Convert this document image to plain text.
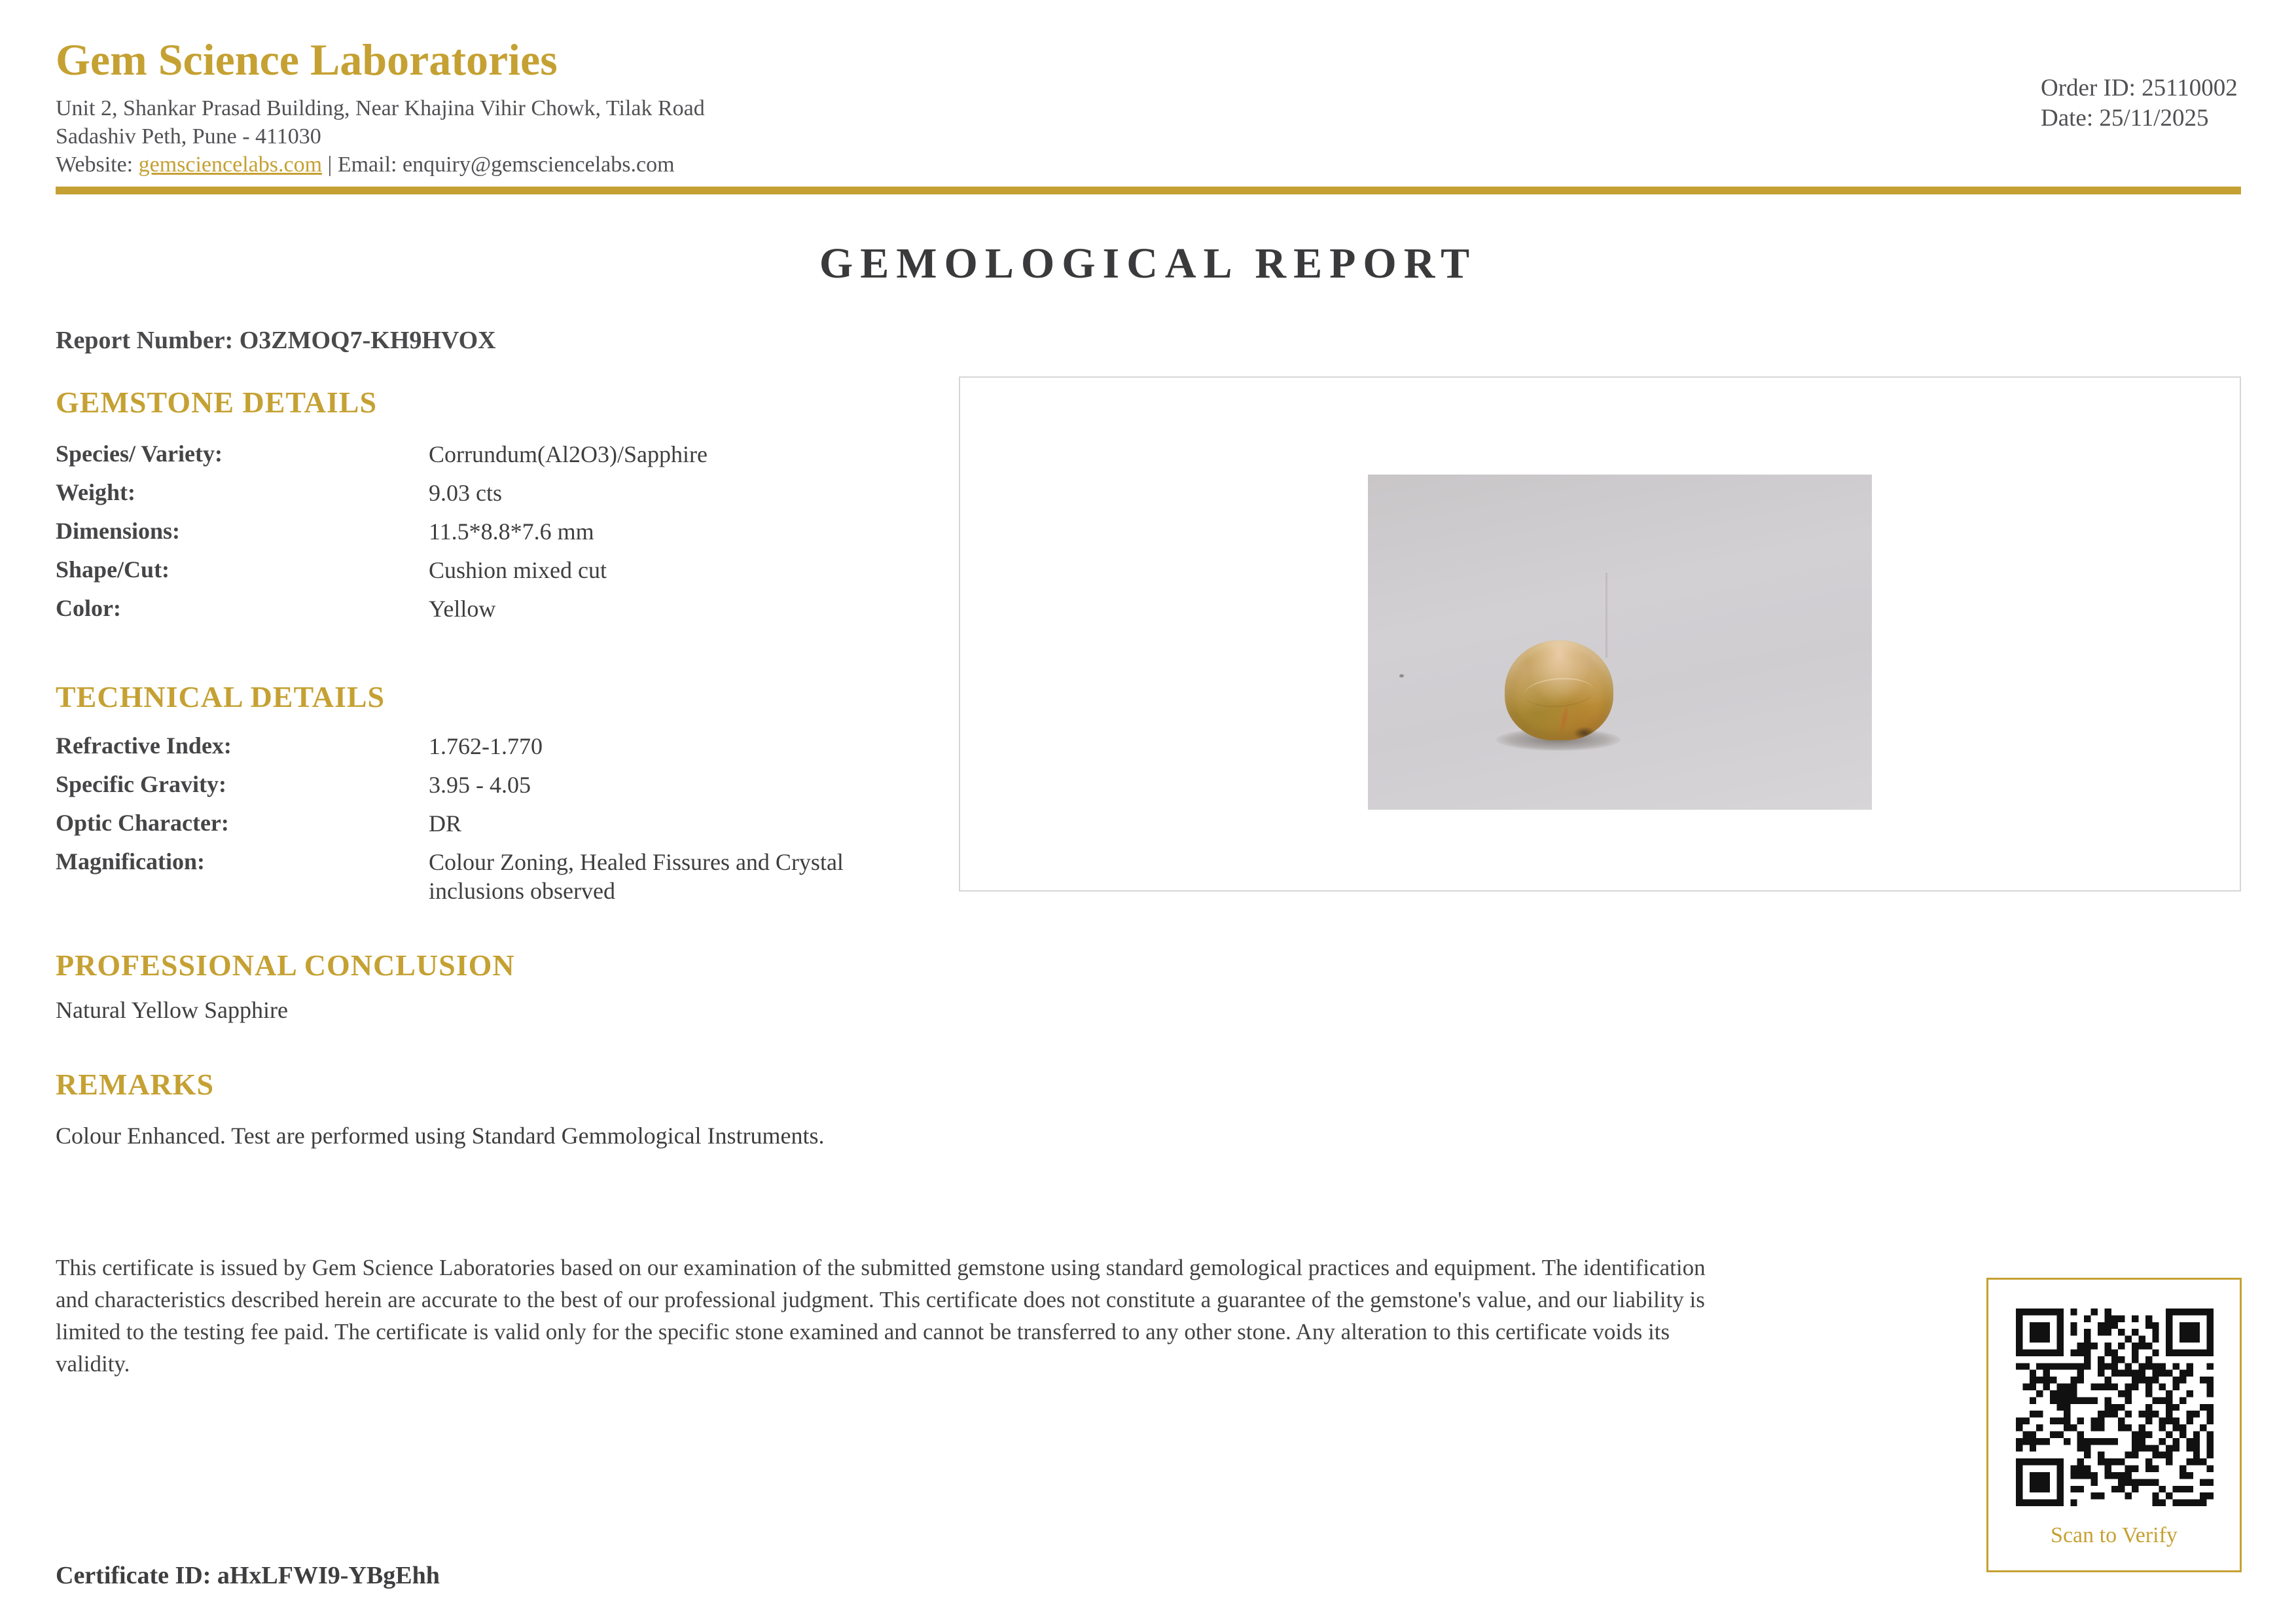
Gem Science Laboratories
Unit 2, Shankar Prasad Building, Near Khajina Vihir Chowk, Tilak Road
Sadashiv Peth, Pune - 411030
Website: gemsciencelabs.com | Email: enquiry@gemsciencelabs.com
Order ID: 25110002
Date: 25/11/2025
GEMOLOGICAL REPORT
Report Number: O3ZMOQ7-KH9HVOX
GEMSTONE DETAILS
Species/ Variety:	Corrundum(Al2O3)/Sapphire
Weight:	9.03 cts
Dimensions:	11.5*8.8*7.6 mm
Shape/Cut:	Cushion mixed cut
Color:	Yellow
TECHNICAL DETAILS
Refractive Index:	1.762-1.770
Specific Gravity:	3.95 - 4.05
Optic Character:	DR
Magnification:	Colour Zoning, Healed Fissures and Crystal inclusions observed
PROFESSIONAL CONCLUSION
Natural Yellow Sapphire
REMARKS
Colour Enhanced. Test are performed using Standard Gemmological Instruments.
This certificate is issued by Gem Science Laboratories based on our examination of the submitted gemstone using standard gemological practices and equipment. The identification and characteristics described herein are accurate to the best of our professional judgment. This certificate does not constitute a guarantee of the gemstone's value, and our liability is limited to the testing fee paid. The certificate is valid only for the specific stone examined and cannot be transferred to any other stone. Any alteration to this certificate voids its validity.
Certificate ID: aHxLFWI9-YBgEhh
Scan to Verify
